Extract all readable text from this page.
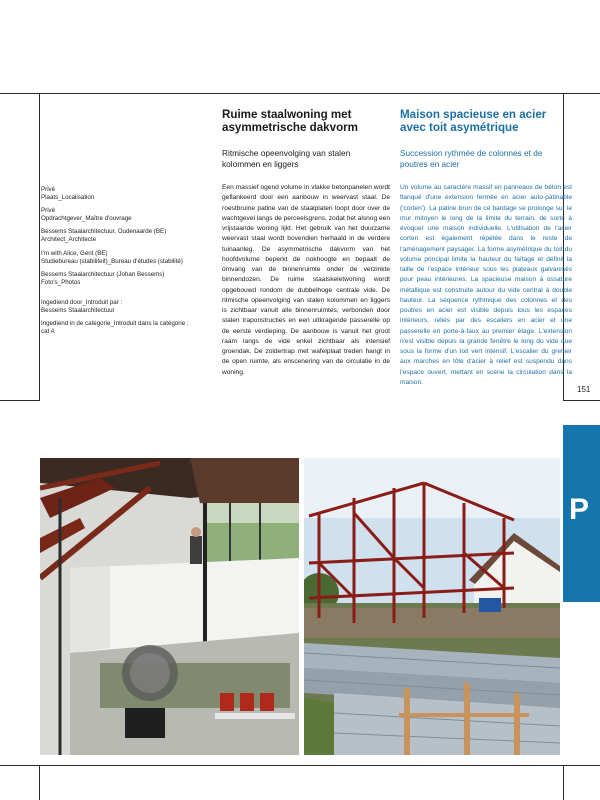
Privé
Plaats_Localisation
Privé
Opdrachtgever_Maître d'ouvrage
Bessems Staalarchitectuur, Oudenaarde (BE)
Architect_Architecte
I'm with Alice, Gent (BE)
Studiebureau (stabiliteit)_Bureau d'études (stabilité)
Bessems Staalarchitectuur (Johan Bessems)
Foto's_Photos
Ingediend door_Introduit par :
Bessems Staalarchitectuur
Ingediend in de categorie_Introduit dans la catégorie :
cat A
Ruime staalwoning met asymmetrische dakvorm
Ritmische opeenvolging van stalen kolommen en liggers
Een massief ogend volume in vlakke betonpanelen wordt geflankeerd door een aanbouw in weervast staal. De roestbruine patine van de staalplaten loopt door over de wachtgevel langs de perceelsgrens, zodat het alsnog een vrijstaande woning lijkt. Het gebruik van het duurzame weervast staal wordt bovendien herhaald in de verdere tuinaanleg. De asymmetrische dakvorm van het hoofdvolume beperkt de nokhoogte en bepaalt de omvang van de binnenruimte onder de verzinkte binnendozen. De ruime staalskeletwoning wordt opgebouwd rondom de dubbelhoge centrale vide. De ritmische opeenvolging van stalen kolommen en liggers is zichtbaar vanuit alle binnenruimtes, verbonden door stalen traponstructies en een uitkragende passerelle op de eerste verdieping. De aanbouw is vanuit het groot raam langs de vide enkel zichtbaar als intensief groendak. De zoldertrap met wafelplaat treden hangt in de open ruimte, als enscenering van de circulatie in de woning.
Maison spacieuse en acier avec toit asymétrique
Succession rythmée de colonnes et de poutres en acier
Un volume au caractère massif en panneaux de béton est flanqué d'une extension fermée en acier auto-patinable ('corten'). La patine brun de ce bardage se prolonge sur le mur mitoyen le long de la limite du terrain, de sorte à évoquer une maison individuelle. L'utilisation de l'acier corten est également répétée dans le reste de l'aménagement paysager. La forme asymétrique du toit du volume principal limite la hauteur du faîtage et définit la taille de l'espace intérieur sous les plateaux galvanisés pour peau intérieures. La spacieuse maison à ossature métallique est construite autour du vide central à double hauteur. La séquence rythmique des colonnes et des poutres en acier est visible depuis tous les espaces intérieurs, reliés par des escaliers en acier et une passerelle en porte-à-faux au premier étage. L'extension n'est visible depuis la grande fenêtre le long du vide que sous la forme d'un toit vert intensif. L'escalier du grenier aux marches en tôle d'acier à relief est suspendu dans l'espace ouvert, mettant en scène la circulation dans la maison.
151
P
